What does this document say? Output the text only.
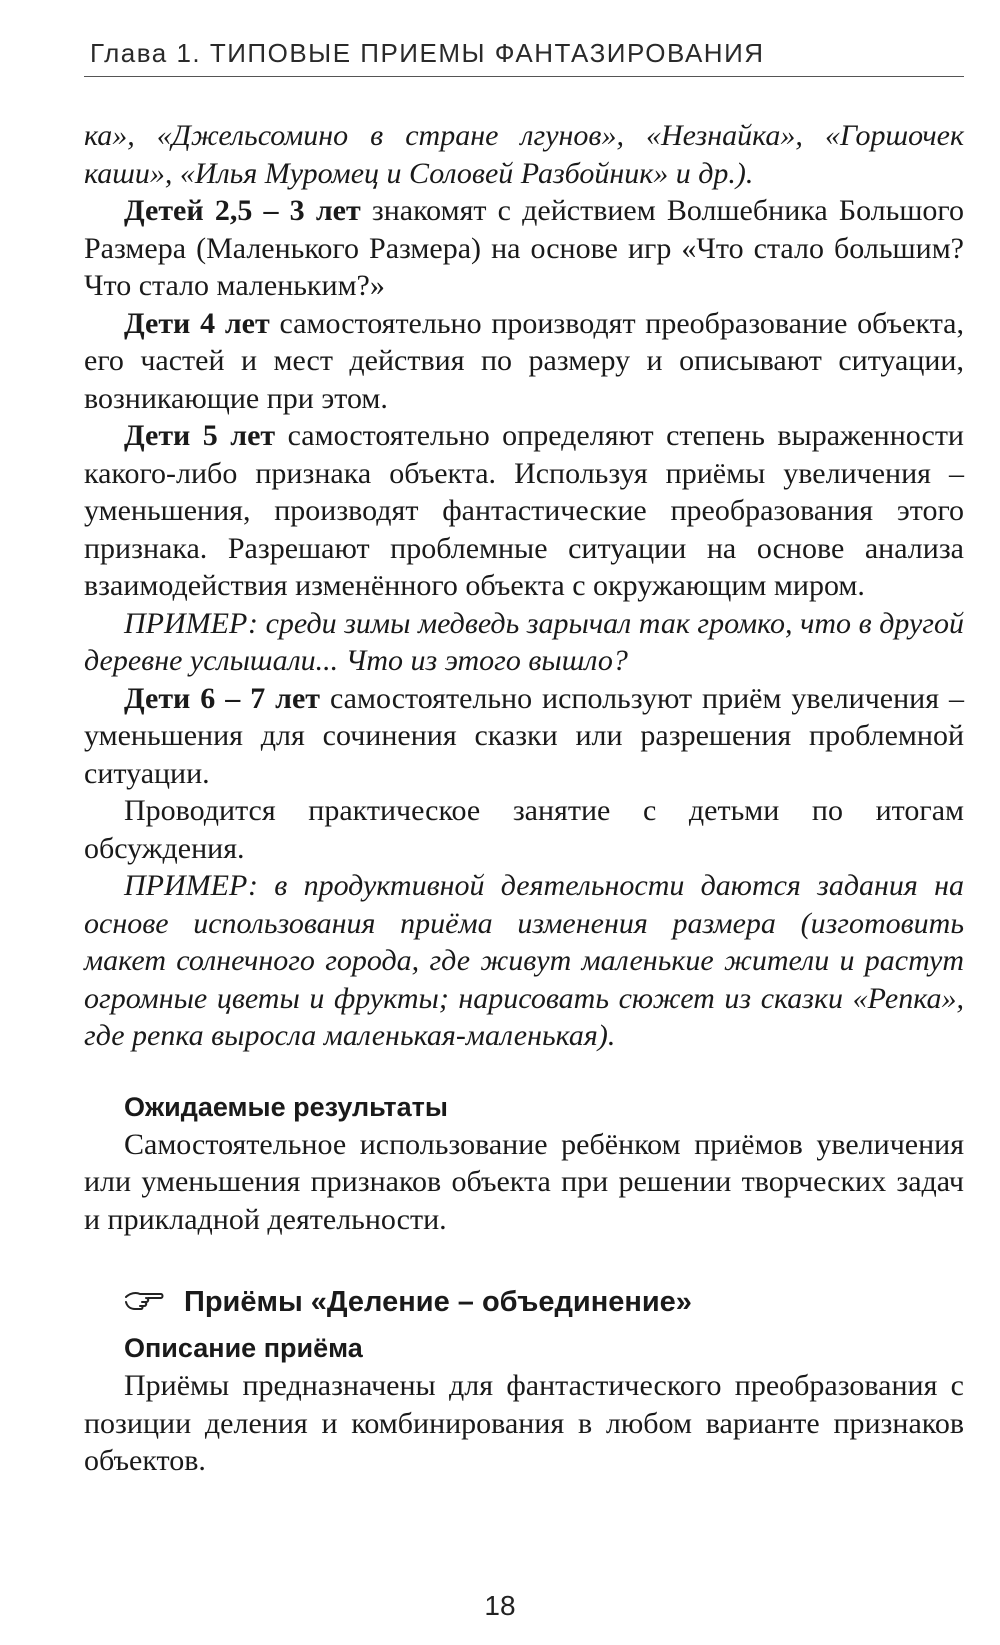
Глава 1. ТИПОВЫЕ ПРИЕМЫ ФАНТАЗИРОВАНИЯ

ка», «Джельсомино в стране лгунов», «Незнайка», «Горшочек каши», «Илья Муромец и Соловей Разбойник» и др.).

Детей 2,5 – 3 лет знакомят с действием Волшебника Большого Размера (Маленького Размера) на основе игр «Что стало большим? Что стало маленьким?»

Дети 4 лет самостоятельно производят преобразование объекта, его частей и мест действия по размеру и описывают ситуации, возникающие при этом.

Дети 5 лет самостоятельно определяют степень выраженности какого-либо признака объекта. Используя приёмы увеличения – уменьшения, производят фантастические преобразования этого признака. Разрешают проблемные ситуации на основе анализа взаимодействия изменённого объекта с окружающим миром.

ПРИМЕР: среди зимы медведь зарычал так громко, что в другой деревне услышали... Что из этого вышло?

Дети 6 – 7 лет самостоятельно используют приём увеличения – уменьшения для сочинения сказки или разрешения проблемной ситуации.

Проводится практическое занятие с детьми по итогам обсуждения.

ПРИМЕР: в продуктивной деятельности даются задания на основе использования приёма изменения размера (изготовить макет солнечного города, где живут маленькие жители и растут огромные цветы и фрукты; нарисовать сюжет из сказки «Репка», где репка выросла маленькая-маленькая).

Ожидаемые результаты

Самостоятельное использование ребёнком приёмов увеличения или уменьшения признаков объекта при решении творческих задач и прикладной деятельности.

Приёмы «Деление – объединение»
Описание приёма

Приёмы предназначены для фантастического преобразования с позиции деления и комбинирования в любом варианте признаков объектов.

18
